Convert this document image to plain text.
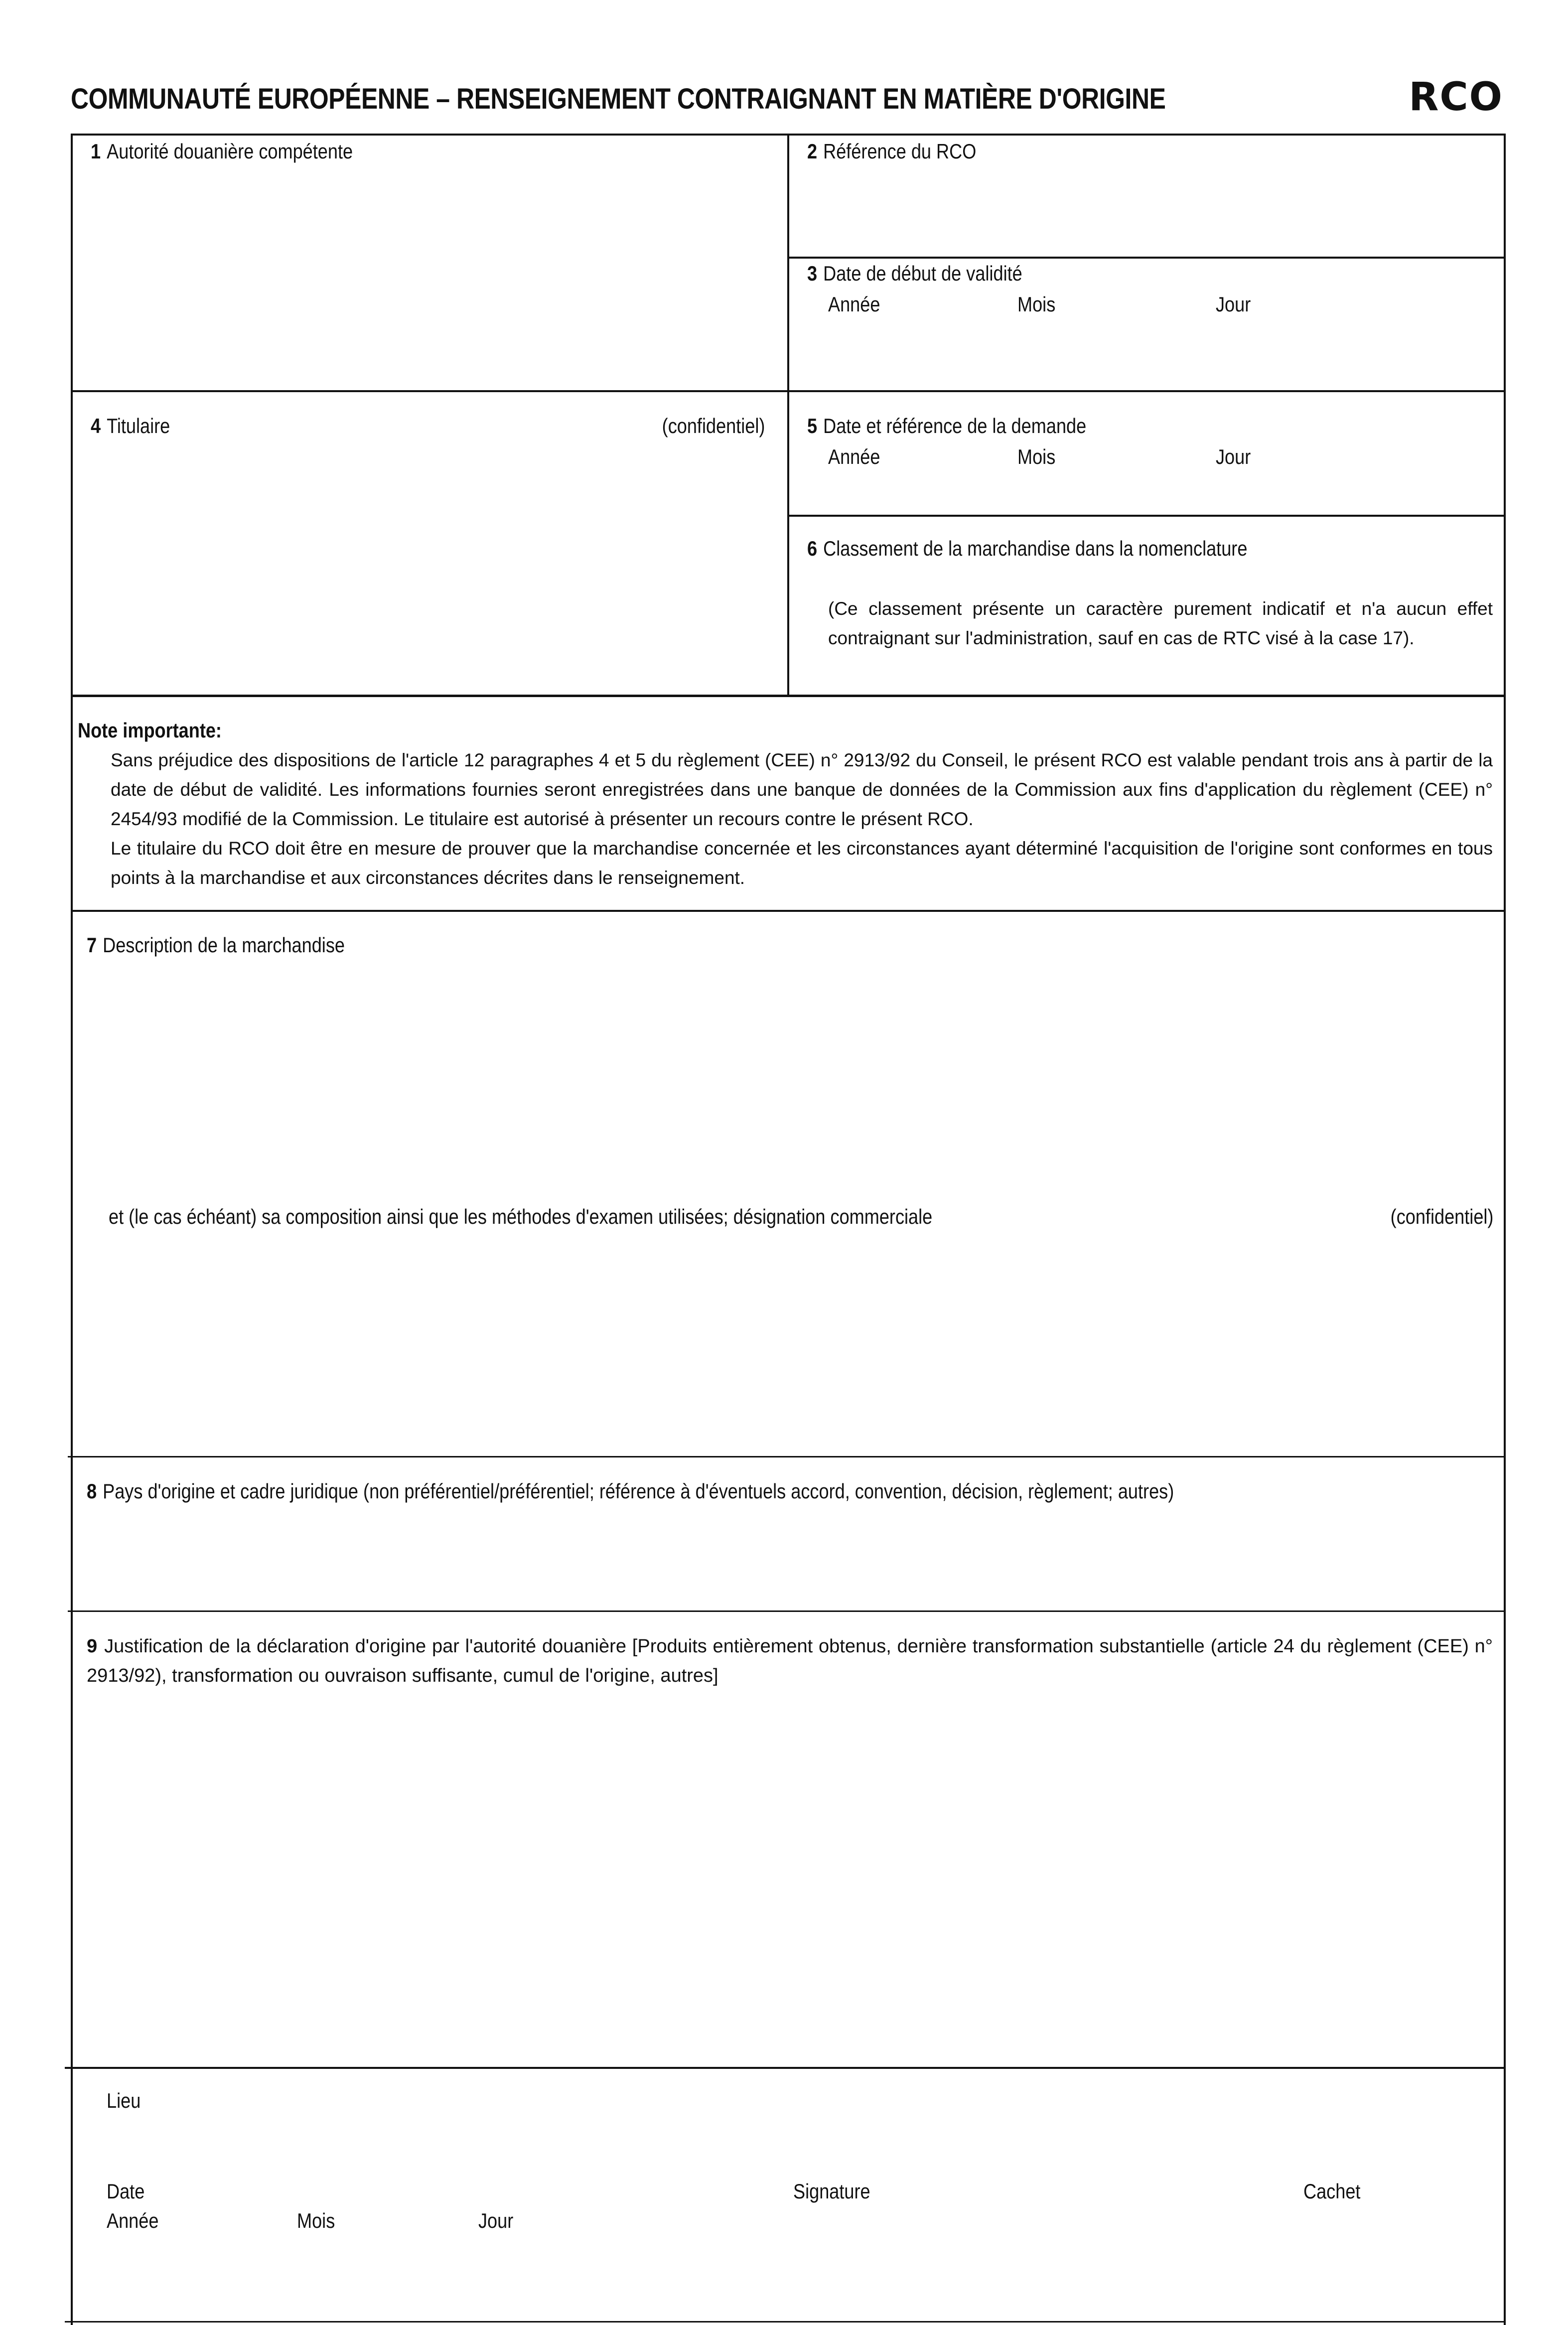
COMMUNAUTÉ EUROPÉENNE – RENSEIGNEMENT CONTRAIGNANT EN MATIÈRE D'ORIGINE	RCO
1 Autorité douanière compétente	2 Référence du RCO
3 Date de début de validité
Année	Mois	Jour
4 Titulaire	(confidentiel) 5 Date et référence de la demande
Année	Mois	Jour
6 Classement de la marchandise dans la nomenclature
(Ce classement présente un caractère purement indicatif et n'a aucun effet contraignant sur l'administration, sauf en cas de RTC visé à la case 17).
Note importante:
Sans préjudice des dispositions de l'article 12 paragraphes 4 et 5 du règlement (CEE) n° 2913/92 du Conseil, le présent RCO est valable pendant trois ans à partir de la date de début de validité. Les informations fournies seront enregistrées dans une banque de données de la Commission aux fins d'application du règlement (CEE) n° 2454/93 modifié de la Commission. Le titulaire est autorisé à présenter un recours contre le présent RCO.
Le titulaire du RCO doit être en mesure de prouver que la marchandise concernée et les circonstances ayant déterminé l'acquisition de l'origine sont conformes en tous points à la marchandise et aux circonstances décrites dans le renseignement.
7 Description de la marchandise
et (le cas échéant) sa composition ainsi que les méthodes d'examen utilisées; désignation commerciale	(confidentiel)
8 Pays d'origine et cadre juridique (non préférentiel/préférentiel; référence à d'éventuels accord, convention, décision, règlement; autres)
9 Justification de la déclaration d'origine par l'autorité douanière [Produits entièrement obtenus, dernière transformation substantielle (article 24 du règlement (CEE) n° 2913/92), transformation ou ouvraison suffisante, cumul de l'origine, autres]
Lieu
Date
Année	Mois	Jour
Signature	Cachet
